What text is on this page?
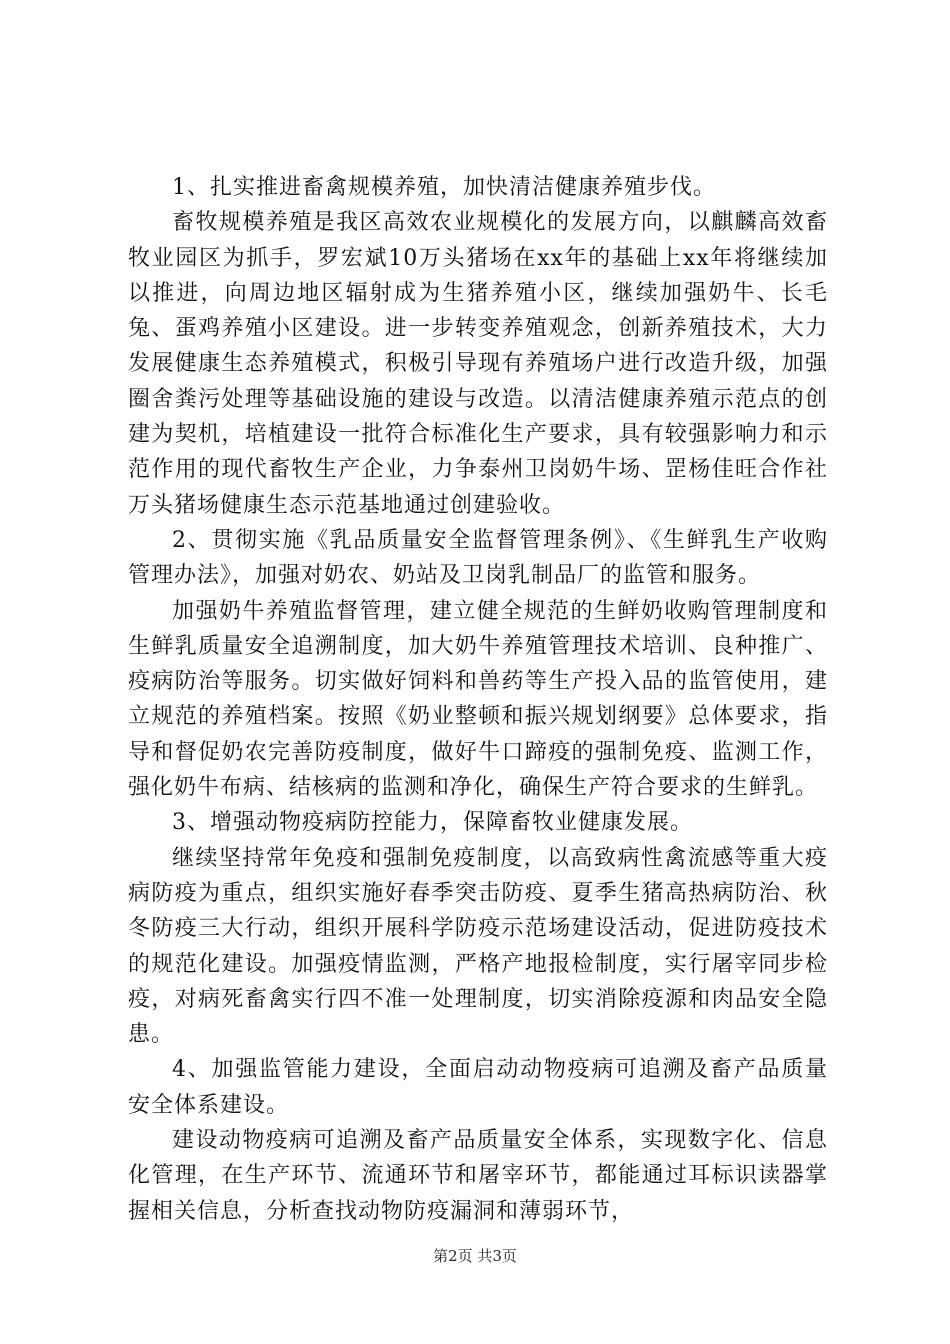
1、扎实推进畜禽规模养殖，加快清洁健康养殖步伐。

畜牧规模养殖是我区高效农业规模化的发展方向，以麒麟高效畜牧业园区为抓手，罗宏斌10万头猪场在xx年的基础上xx年将继续加以推进，向周边地区辐射成为生猪养殖小区，继续加强奶牛、长毛兔、蛋鸡养殖小区建设。进一步转变养殖观念，创新养殖技术，大力发展健康生态养殖模式，积极引导现有养殖场户进行改造升级，加强圈舍粪污处理等基础设施的建设与改造。以清洁健康养殖示范点的创建为契机，培植建设一批符合标准化生产要求，具有较强影响力和示范作用的现代畜牧生产企业，力争泰州卫岗奶牛场、罡杨佳旺合作社万头猪场健康生态示范基地通过创建验收。

2、贯彻实施《乳品质量安全监督管理条例》、《生鲜乳生产收购管理办法》，加强对奶农、奶站及卫岗乳制品厂的监管和服务。

加强奶牛养殖监督管理，建立健全规范的生鲜奶收购管理制度和生鲜乳质量安全追溯制度，加大奶牛养殖管理技术培训、良种推广、疫病防治等服务。切实做好饲料和兽药等生产投入品的监管使用，建立规范的养殖档案。按照《奶业整顿和振兴规划纲要》总体要求，指导和督促奶农完善防疫制度，做好牛口蹄疫的强制免疫、监测工作，强化奶牛布病、结核病的监测和净化，确保生产符合要求的生鲜乳。

3、增强动物疫病防控能力，保障畜牧业健康发展。

继续坚持常年免疫和强制免疫制度，以高致病性禽流感等重大疫病防疫为重点，组织实施好春季突击防疫、夏季生猪高热病防治、秋冬防疫三大行动，组织开展科学防疫示范场建设活动，促进防疫技术的规范化建设。加强疫情监测，严格产地报检制度，实行屠宰同步检疫，对病死畜禽实行四不准一处理制度，切实消除疫源和肉品安全隐患。

4、加强监管能力建设，全面启动动物疫病可追溯及畜产品质量安全体系建设。

建设动物疫病可追溯及畜产品质量安全体系，实现数字化、信息化管理，在生产环节、流通环节和屠宰环节，都能通过耳标识读器掌握相关信息，分析查找动物防疫漏洞和薄弱环节，

第2页 共3页
